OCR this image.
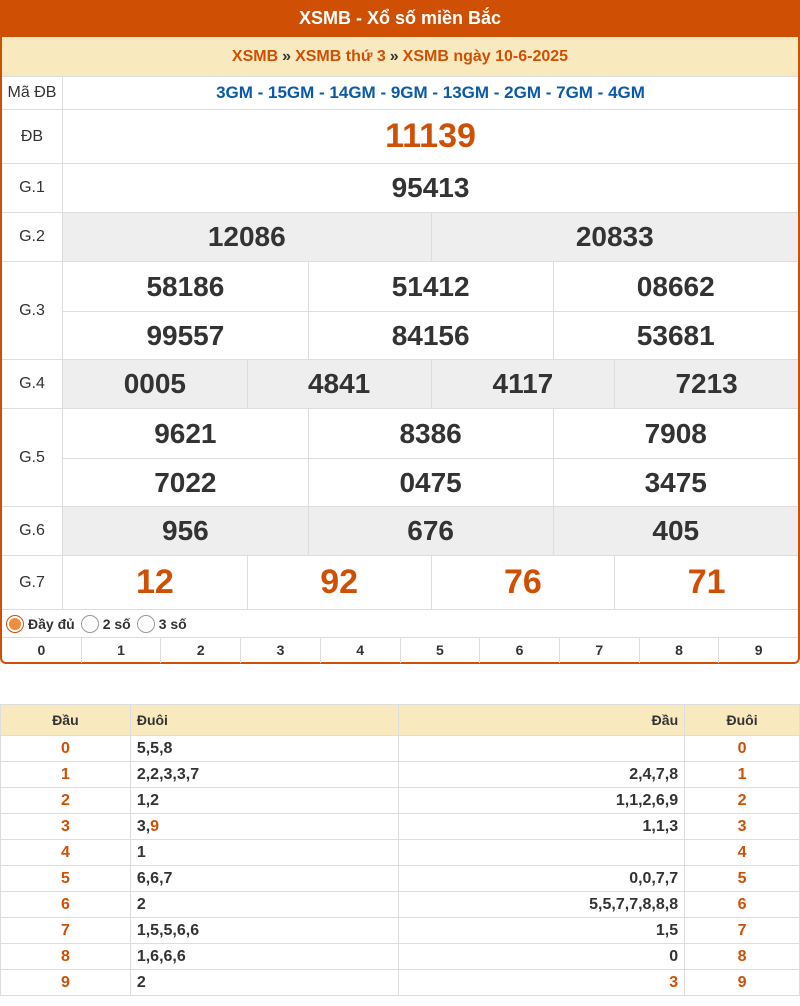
XSMB - Xổ số miền Bắc
XSMB » XSMB thứ 3 » XSMB ngày 10-6-2025
Mã ĐB	3GM - 15GM - 14GM - 9GM - 13GM - 2GM - 7GM - 4GM
ĐB	11139
G.1	95413
G.2	12086	20833
G.3
58186	51412	08662
99557	84156	53681
G.4	0005	4841	4117	7213
G.5
9621	8386	7908
7022	0475	3475
G.6	956	676	405
G.7	12	92	76	71
Đầy đủ 2 số 3 số
0	1	2	3	4	5	6	7	8	9
Đầu	Đuôi	Đầu	Đuôi
0	5,5,8		0
1	2,2,3,3,7	2,4,7,8	1
2	1,2	1,1,2,6,9	2
3	3,9	1,1,3	3
4	1		4
5	6,6,7	0,0,7,7	5
6	2	5,5,7,7,8,8,8	6
7	1,5,5,6,6	1,5	7
8	1,6,6,6	0	8
9	2	3	9
